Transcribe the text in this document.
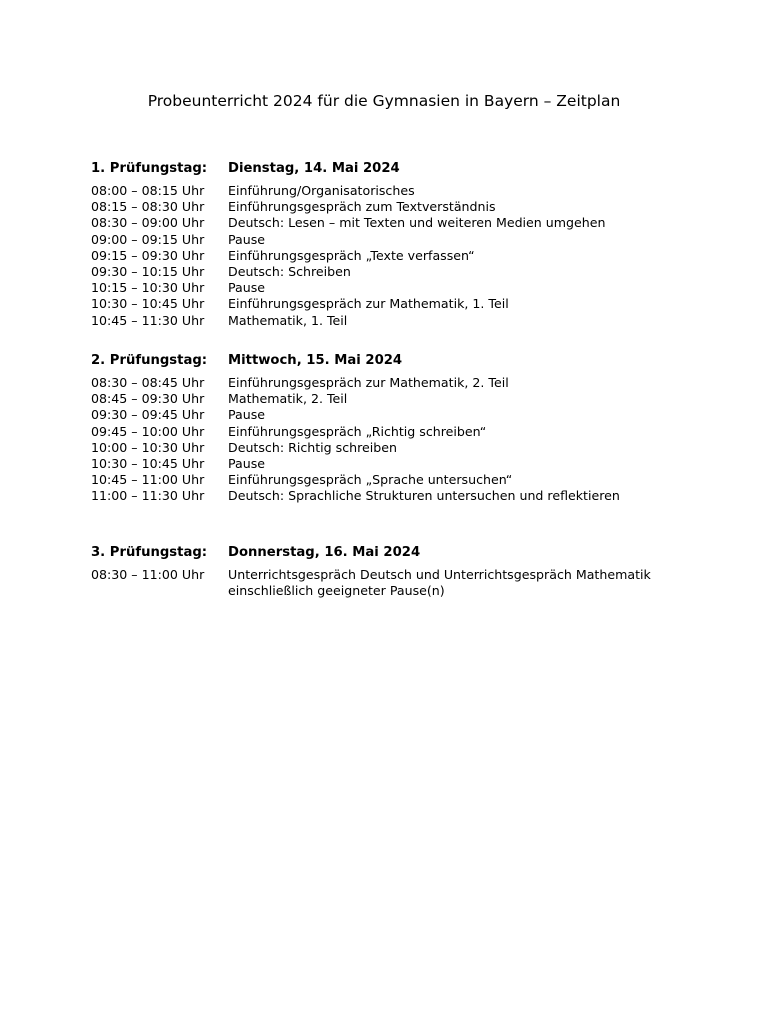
Probeunterricht 2024 für die Gymnasien in Bayern – Zeitplan
1. Prüfungstag:	Dienstag, 14. Mai 2024
08:00 – 08:15 Uhr	Einführung/Organisatorisches
08:15 – 08:30 Uhr	Einführungsgespräch zum Textverständnis
08:30 – 09:00 Uhr	Deutsch: Lesen – mit Texten und weiteren Medien umgehen
09:00 – 09:15 Uhr	Pause
09:15 – 09:30 Uhr	Einführungsgespräch „Texte verfassen“
09:30 – 10:15 Uhr	Deutsch: Schreiben
10:15 – 10:30 Uhr	Pause
10:30 – 10:45 Uhr	Einführungsgespräch zur Mathematik, 1. Teil
10:45 – 11:30 Uhr	Mathematik, 1. Teil
2. Prüfungstag:	Mittwoch, 15. Mai 2024
08:30 – 08:45 Uhr	Einführungsgespräch zur Mathematik, 2. Teil
08:45 – 09:30 Uhr	Mathematik, 2. Teil
09:30 – 09:45 Uhr	Pause
09:45 – 10:00 Uhr	Einführungsgespräch „Richtig schreiben“
10:00 – 10:30 Uhr	Deutsch: Richtig schreiben
10:30 – 10:45 Uhr	Pause
10:45 – 11:00 Uhr	Einführungsgespräch „Sprache untersuchen“
11:00 – 11:30 Uhr	Deutsch: Sprachliche Strukturen untersuchen und reflektieren
3. Prüfungstag:	Donnerstag, 16. Mai 2024
08:30 – 11:00 Uhr	Unterrichtsgespräch Deutsch und Unterrichtsgespräch Mathematik
einschließlich geeigneter Pause(n)
